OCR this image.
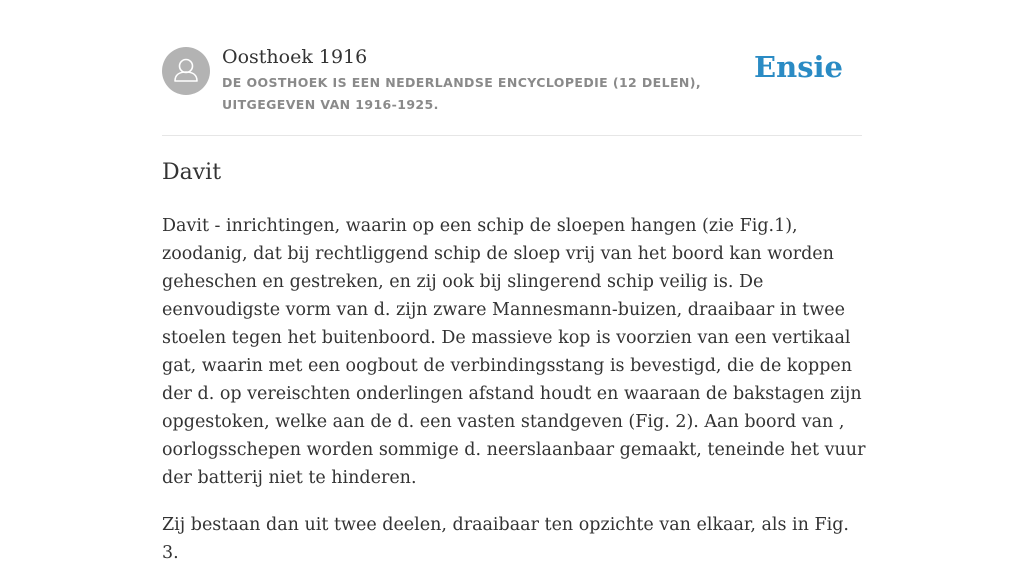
Oosthoek 1916
DE OOSTHOEK IS EEN NEDERLANDSE ENCYCLOPEDIE (12 DELEN), UITGEGEVEN VAN 1916-1925.
Ensie
Davit

Davit - inrichtingen, waarin op een schip de sloepen hangen (zie Fig.1), zoodanig, dat bij rechtliggend schip de sloep vrij van het boord kan worden geheschen en gestreken, en zij ook bij slingerend schip veilig is. De eenvoudigste vorm van d. zijn zware Mannesmann-buizen, draaibaar in twee stoelen tegen het buitenboord. De massieve kop is voorzien van een vertikaal gat, waarin met een oogbout de verbindingsstang is bevestigd, die de koppen der d. op vereischten onderlingen afstand houdt en waaraan de bakstagen zijn opgestoken, welke aan de d. een vasten standgeven (Fig. 2). Aan boord van , oorlogsschepen worden sommige d. neerslaanbaar gemaakt, teneinde het vuur der batterij niet te hinderen.

Zij bestaan dan uit twee deelen, draaibaar ten opzichte van elkaar, als in Fig. 3.
